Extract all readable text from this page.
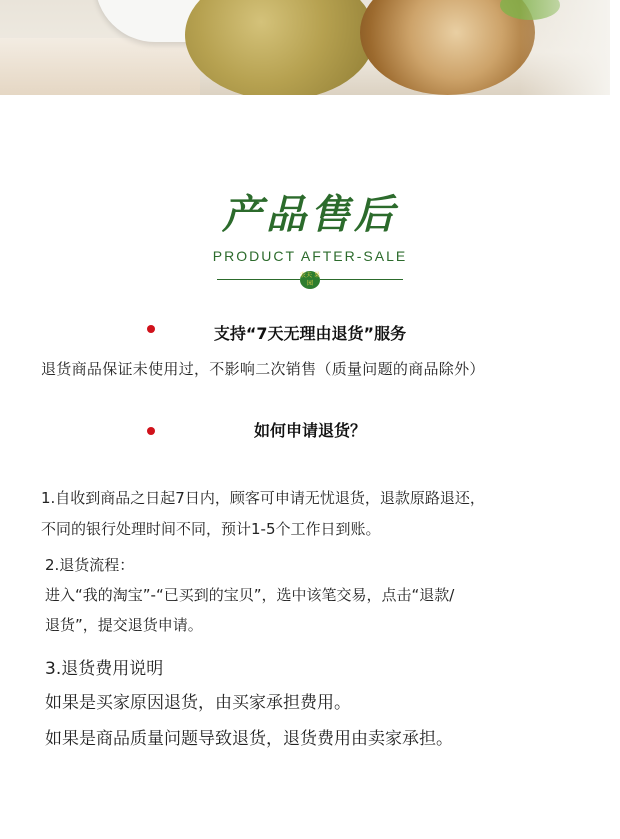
产品售后
PRODUCT AFTER-SALE
农夫 果园
支持“7天无理由退货”服务
退货商品保证未使用过，不影响二次销售（质量问题的商品除外）
如何申请退货？
1.自收到商品之日起7日内，顾客可申请无忧退货，退款原路退还，
不同的银行处理时间不同，预计1-5个工作日到账。
2.退货流程：
进入“我的淘宝”-“已买到的宝贝”，选中该笔交易，点击“退款/
退货”，提交退货申请。
3.退货费用说明
如果是买家原因退货，由买家承担费用。
如果是商品质量问题导致退货，退货费用由卖家承担。
